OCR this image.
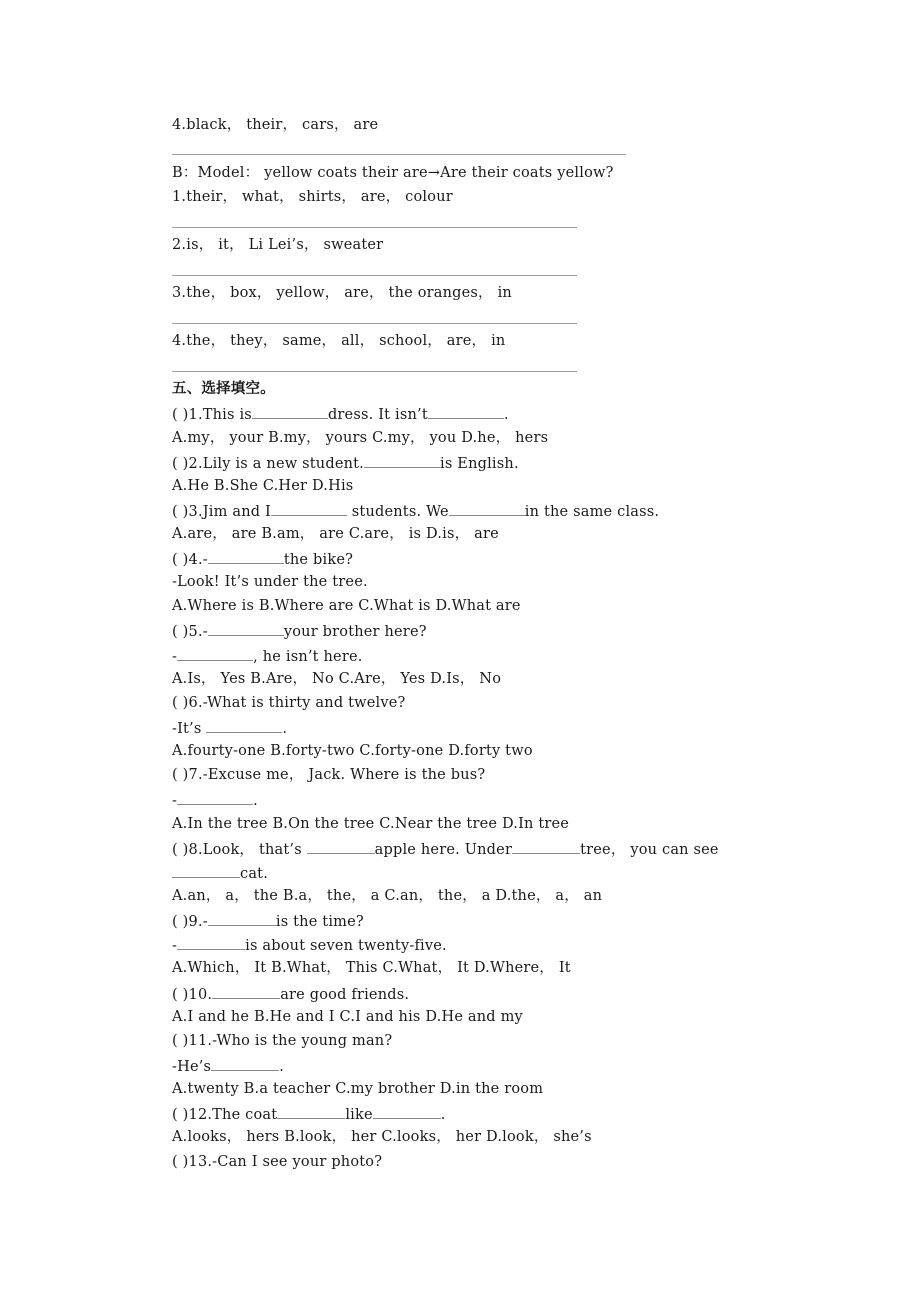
4.black， their， cars， are
B：Model： yellow coats their are→Are their coats yellow?
1.their， what， shirts， are， colour
2.is， it， Li Lei’s， sweater
3.the， box， yellow， are， the oranges， in
4.the， they， same， all， school， are， in
五、选择填空。
( )1.This is	dress. It isn’t	.
A.my， your B.my， yours C.my， you D.he， hers
( )2.Lily is a new student.	is English.
A.He B.She C.Her D.His
( )3.Jim and I	students. We	in the same class.
A.are， are B.am， are C.are， is D.is， are
( )4.-	the bike?
-Look! It’s under the tree.
A.Where is B.Where are C.What is D.What are
( )5.-	your brother here?
-	, he isn’t here.
A.Is， Yes B.Are， No C.Are， Yes D.Is， No
( )6.-What is thirty and twelve?
-It’s	.
A.fourty-one B.forty-two C.forty-one D.forty two
( )7.-Excuse me， Jack. Where is the bus?
-	.
A.In the tree B.On the tree C.Near the tree D.In tree
( )8.Look， that’s	apple here. Under	tree， you can see
cat.
A.an， a， the B.a， the， a C.an， the， a D.the， a， an
( )9.-	is the time?
-	is about seven twenty-five.
A.Which， It B.What， This C.What， It D.Where， It
( )10.	are good friends.
A.I and he B.He and I C.I and his D.He and my
( )11.-Who is the young man?
-He’s	.
A.twenty B.a teacher C.my brother D.in the room
( )12.The coat	like	.
A.looks， hers B.look， her C.looks， her D.look， she’s
( )13.-Can I see your photo?
